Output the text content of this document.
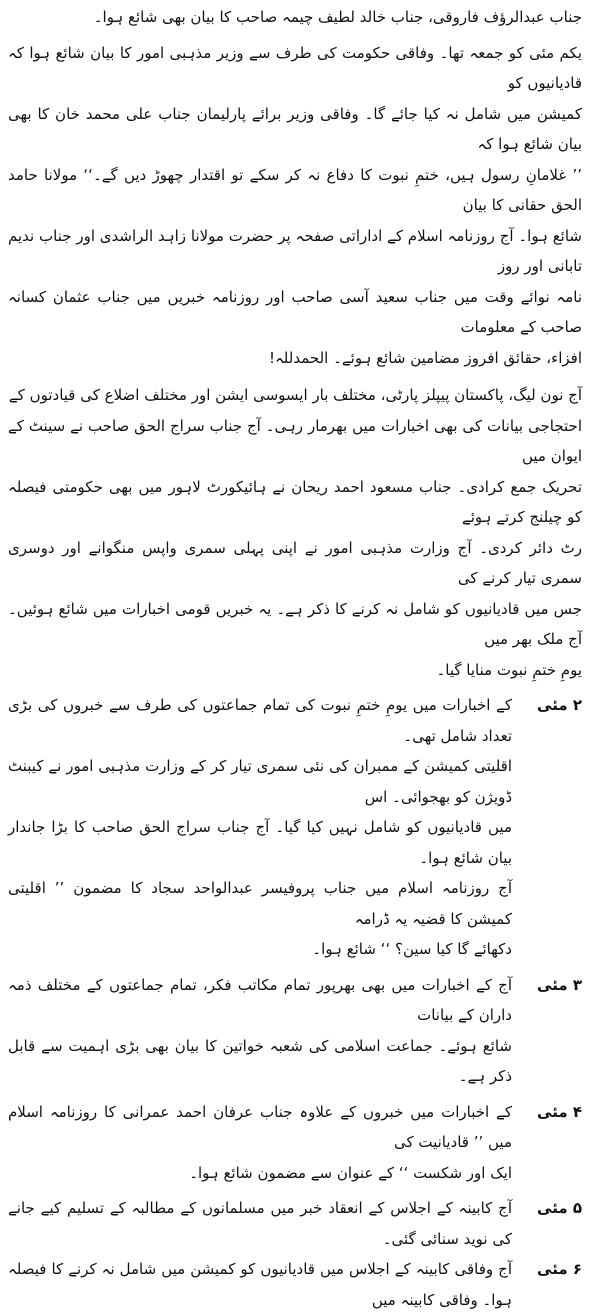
جناب عبدالرؤف فاروقی، جناب خالد لطیف چیمہ صاحب کا بیان بھی شائع ہوا۔

یکم مئی کو جمعہ تھا۔ وفاقی حکومت کی طرف سے وزیر مذہبی امور کا بیان شائع ہوا کہ قادیانیوں کو
کمیشن میں شامل نہ کیا جائے گا۔ وفاقی وزیر برائے پارلیمان جناب علی محمد خان کا بھی بیان شائع ہوا کہ
’’ غلامانِ رسول ہیں، ختمِ نبوت کا دفاع نہ کر سکے تو اقتدار چھوڑ دیں گے۔‘‘ مولانا حامد الحق حقانی کا بیان
شائع ہوا۔ آج روزنامہ اسلام کے اداراتی صفحہ پر حضرت مولانا زاہد الراشدی اور جناب ندیم تابانی اور روز
نامہ نوائے وقت میں جناب سعید آسی صاحب اور روزنامہ خبریں میں جناب عثمان کسانہ صاحب کے معلومات
افزاء، حقائق افروز مضامین شائع ہوئے۔ الحمدللہ!

آج نون لیگ، پاکستان پیپلز پارٹی، مختلف بار ایسوسی ایشن اور مختلف اضلاع کی قیادتوں کے
احتجاجی بیانات کی بھی اخبارات میں بھرمار رہی۔ آج جناب سراج الحق صاحب نے سینٹ کے ایوان میں
تحریک جمع کرادی۔ جناب مسعود احمد ریحان نے ہائیکورٹ لاہور میں بھی حکومتی فیصلہ کو چیلنج کرتے ہوئے
رٹ دائر کردی۔ آج وزارت مذہبی امور نے اپنی پہلی سمری واپس منگوانے اور دوسری سمری تیار کرنے کی
جس میں قادیانیوں کو شامل نہ کرنے کا ذکر ہے۔ یہ خبریں قومی اخبارات میں شائع ہوئیں۔ آج ملک بھر میں
یومِ ختمِ نبوت منایا گیا۔

۲ مئی

کے اخبارات میں یومِ ختمِ نبوت کی تمام جماعتوں کی طرف سے خبروں کی بڑی تعداد شامل تھی۔
اقلیتی کمیشن کے ممبران کی نئی سمری تیار کر کے وزارت مذہبی امور نے کیبنٹ ڈویژن کو بھجوائی۔ اس
میں قادیانیوں کو شامل نہیں کیا گیا۔ آج جناب سراج الحق صاحب کا بڑا جاندار بیان شائع ہوا۔
آج روزنامہ اسلام میں جناب پروفیسر عبدالواحد سجاد کا مضمون ’’ اقلیتی کمیشن کا قضیہ یہ ڈرامہ
دکھائے گا کیا سین؟ ‘‘ شائع ہوا۔

۳ مئی

آج کے اخبارات میں بھی بھرپور تمام مکاتب فکر، تمام جماعتوں کے مختلف ذمہ داران کے بیانات
شائع ہوئے۔ جماعت اسلامی کی شعبہ خواتین کا بیان بھی بڑی اہمیت سے قابل ذکر ہے۔

۴ مئی

کے اخبارات میں خبروں کے علاوہ جناب عرفان احمد عمرانی کا روزنامہ اسلام میں ’’ قادیانیت کی
ایک اور شکست ‘‘ کے عنوان سے مضمون شائع ہوا۔

۵ مئی

آج کابینہ کے اجلاس کے انعقاد خبر میں مسلمانوں کے مطالبہ کے تسلیم کیے جانے کی نوید سنائی گئی۔

۶ مئی

آج وفاقی کابینہ کے اجلاس میں قادیانیوں کو کمیشن میں شامل نہ کرنے کا فیصلہ ہوا۔ وفاقی کابینہ میں
